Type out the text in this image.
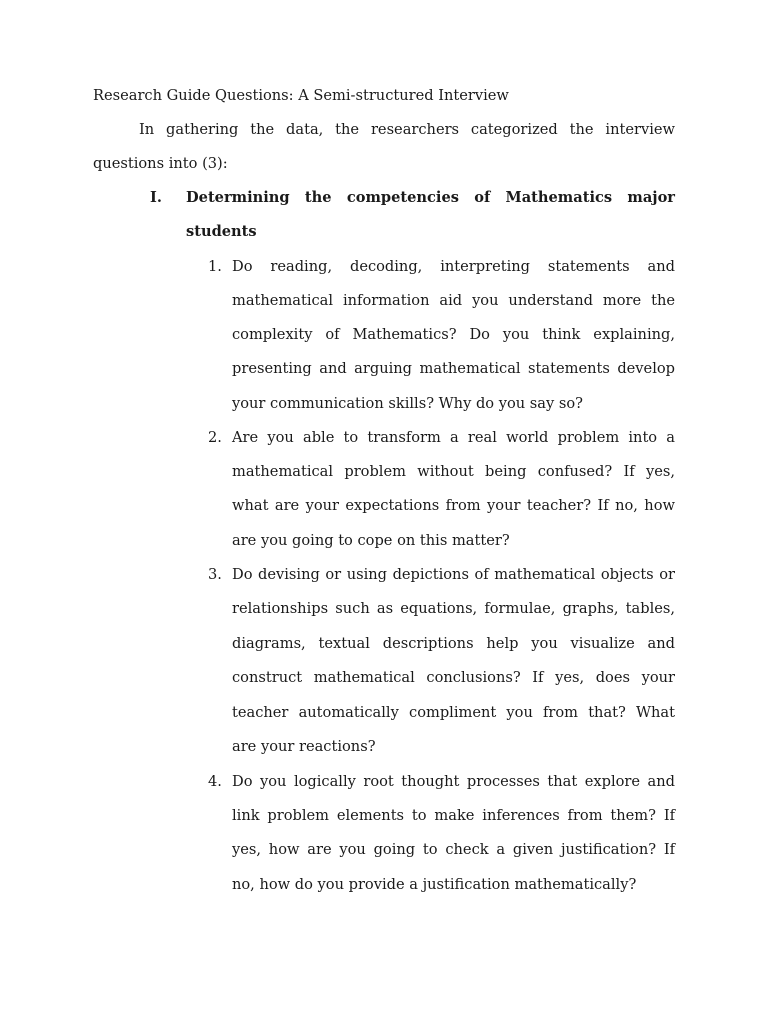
Research Guide Questions: A Semi-structured Interview
In gathering the data, the researchers categorized the interview
questions into (3):
I. Determining the competencies of Mathematics major
students
1. Do reading, decoding, interpreting statements and
mathematical information aid you understand more the
complexity of Mathematics? Do you think explaining,
presenting and arguing mathematical statements develop
your communication skills? Why do you say so?
2. Are you able to transform a real world problem into a
mathematical problem without being confused? If yes,
what are your expectations from your teacher? If no, how
are you going to cope on this matter?
3. Do devising or using depictions of mathematical objects or
relationships such as equations, formulae, graphs, tables,
diagrams, textual descriptions help you visualize and
construct mathematical conclusions? If yes, does your
teacher automatically compliment you from that? What
are your reactions?
4. Do you logically root thought processes that explore and
link problem elements to make inferences from them? If
yes, how are you going to check a given justification? If
no, how do you provide a justification mathematically?
